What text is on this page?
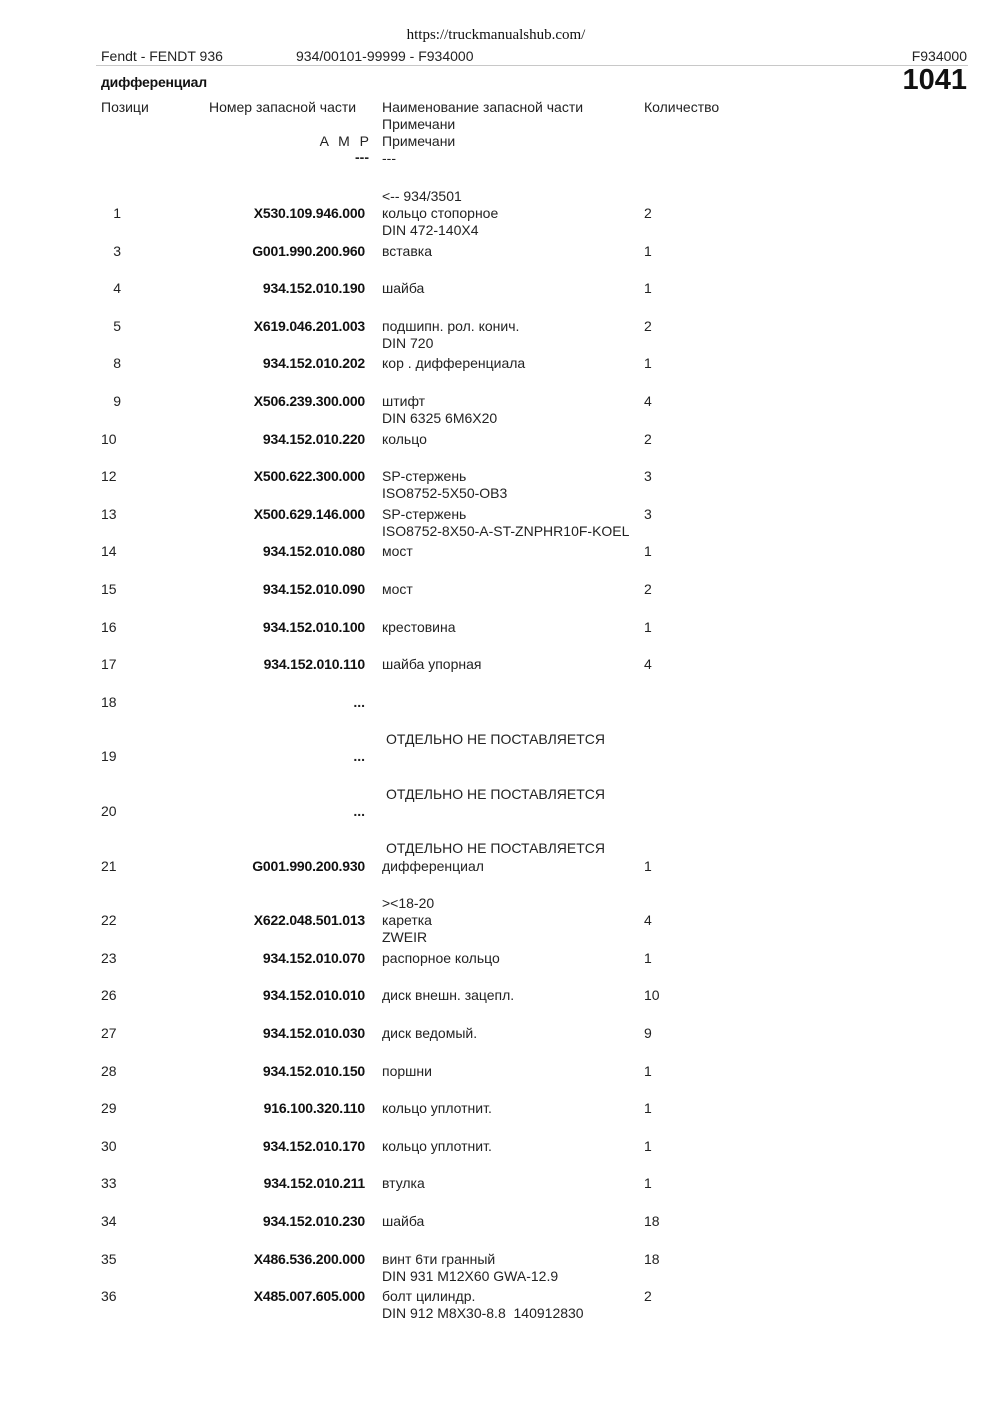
https://truckmanualshub.com/
Fendt - FENDT 936	934/00101-99999 - F934000	F934000
дифференциал	1041
Позици	Номер запасной части Наименование запасной части
Примечани
Количество
A M P Примечани
--- ---
<-- 934/3501
1	X530.109.946.000 кольцо стопорное	2
DIN 472-140X4
3	G001.990.200.960 вставка	1
4	934.152.010.190 шайба	1
5	X619.046.201.003 подшипн. рол. конич.	2
DIN 720
8	934.152.010.202 кор . дифференциала	1
9	X506.239.300.000 штифт	4
DIN 6325 6M6X20
10	934.152.010.220 кольцо	2
12	X500.622.300.000 SP-стержень	3
ISO8752-5X50-OB3
13	X500.629.146.000 SP-стержень	3
ISO8752-8X50-A-ST-ZNPHR10F-KOEL
14	934.152.010.080 мост	1
15	934.152.010.090 мост	2
16	934.152.010.100 крестовина	1
17	934.152.010.110 шайба упорная	4
18	...
ОТДЕЛЬНО НЕ ПОСТАВЛЯЕТСЯ
19	...
ОТДЕЛЬНО НЕ ПОСТАВЛЯЕТСЯ
20	...
ОТДЕЛЬНО НЕ ПОСТАВЛЯЕТСЯ
21	G001.990.200.930 дифференциал	1
><18-20
22	X622.048.501.013 каретка	4
ZWEIR
23	934.152.010.070 распорное кольцо	1
26	934.152.010.010 диск внешн. зацепл.	10
27	934.152.010.030 диск ведомый.	9
28	934.152.010.150 поршни	1
29	916.100.320.110 кольцо уплотнит.	1
30	934.152.010.170 кольцо уплотнит.	1
33	934.152.010.211 втулка	1
34	934.152.010.230 шайба	18
35	X486.536.200.000 винт 6ти гранный	18
DIN 931 M12X60 GWA-12.9
36	X485.007.605.000 болт цилиндр.	2
DIN 912 M8X30-8.8  140912830
